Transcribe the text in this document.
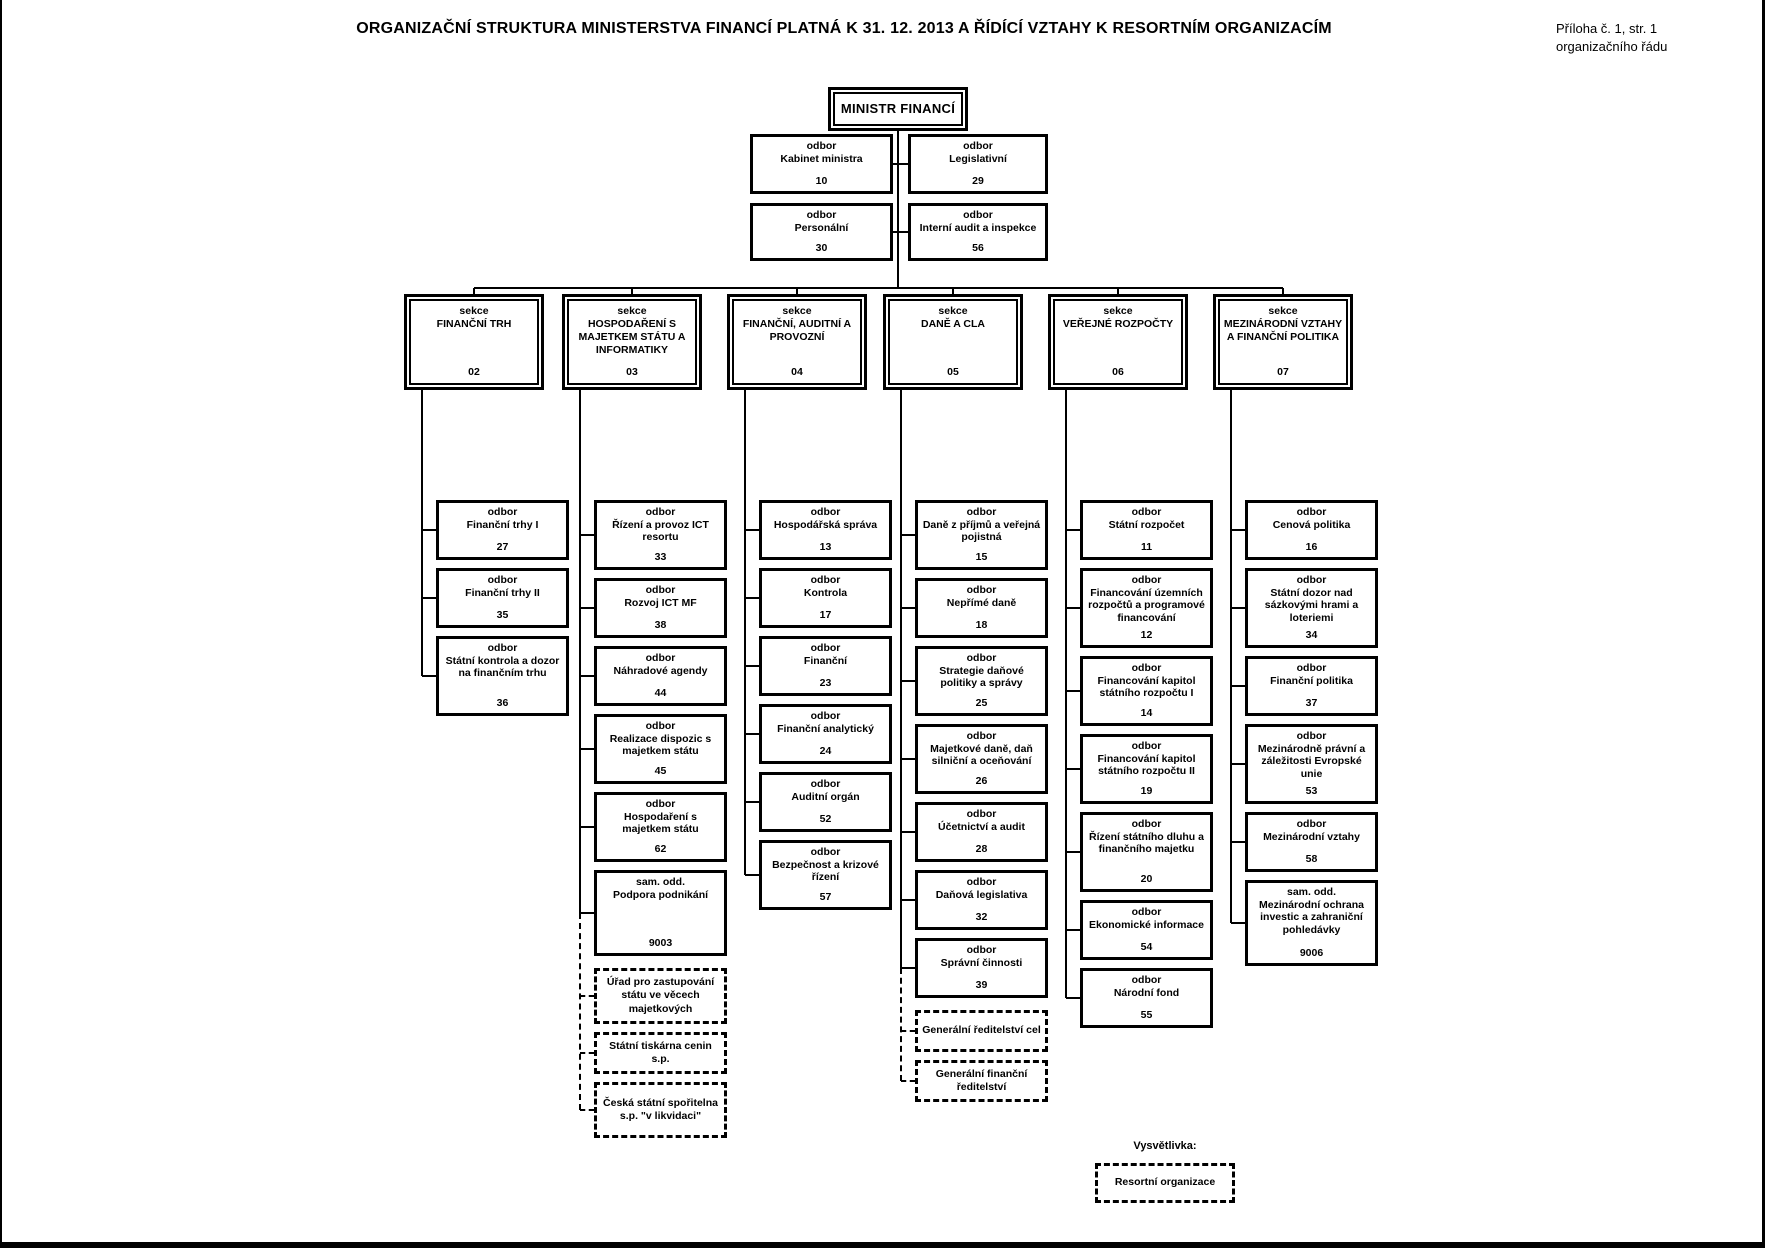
ORGANIZAČNÍ STRUKTURA MINISTERSTVA FINANCÍ PLATNÁ K 31. 12. 2013 A ŘÍDÍCÍ VZTAHY K RESORTNÍM ORGANIZACÍM	Příloha č. 1, str. 1
organizačního řádu
MINISTR FINANCÍ
Vysvětlivka:
Resortní organizace
odbor
Kabinet ministra
10
odbor
Legislativní
29
odbor
Personální
30
odbor
Interní audit a inspekce
56
sekce
FINANČNÍ TRH
02
odbor
Finanční trhy I
27
odbor
Finanční trhy II
35
odbor
Státní kontrola a dozor na finančním trhu
36
sekce
HOSPODAŘENÍ S MAJETKEM STÁTU A INFORMATIKY
03
odbor
Řízení a provoz ICT resortu
33
odbor
Rozvoj ICT MF
38
odbor
Náhradové agendy
44
odbor
Realizace dispozic s majetkem státu
45
odbor
Hospodaření s majetkem státu
62
sam. odd.
Podpora podnikání
9003
Úřad pro zastupování státu ve věcech majetkových
Státní tiskárna cenin s.p.
Česká státní spořitelna s.p. "v likvidaci"
sekce
FINANČNÍ, AUDITNÍ A PROVOZNÍ
04
odbor
Hospodářská správa
13
odbor
Kontrola
17
odbor
Finanční
23
odbor
Finanční analytický
24
odbor
Auditní orgán
52
odbor
Bezpečnost a krizové řízení
57
sekce
DANĚ A CLA
05
odbor
Daně z příjmů a veřejná pojistná
15
odbor
Nepřímé daně
18
odbor
Strategie daňové politiky a správy
25
odbor
Majetkové daně, daň silniční a oceňování
26
odbor
Účetnictví a audit
28
odbor
Daňová legislativa
32
odbor
Správní činnosti
39
Generální ředitelství cel
Generální finanční ředitelství
sekce
VEŘEJNÉ ROZPOČTY
06
odbor
Státní rozpočet
11
odbor
Financování územních rozpočtů a programové financování
12
odbor
Financování kapitol státního rozpočtu I
14
odbor
Financování kapitol státního rozpočtu II
19
odbor
Řízení státního dluhu a finančního majetku
20
odbor
Ekonomické informace
54
odbor
Národní fond
55
sekce
MEZINÁRODNÍ VZTAHY A FINANČNÍ POLITIKA
07
odbor
Cenová politika
16
odbor
Státní dozor nad sázkovými hrami a loteriemi
34
odbor
Finanční politika
37
odbor
Mezinárodně právní a záležitosti Evropské unie
53
odbor
Mezinárodní vztahy
58
sam. odd.
Mezinárodní ochrana investic a zahraniční pohledávky
9006
